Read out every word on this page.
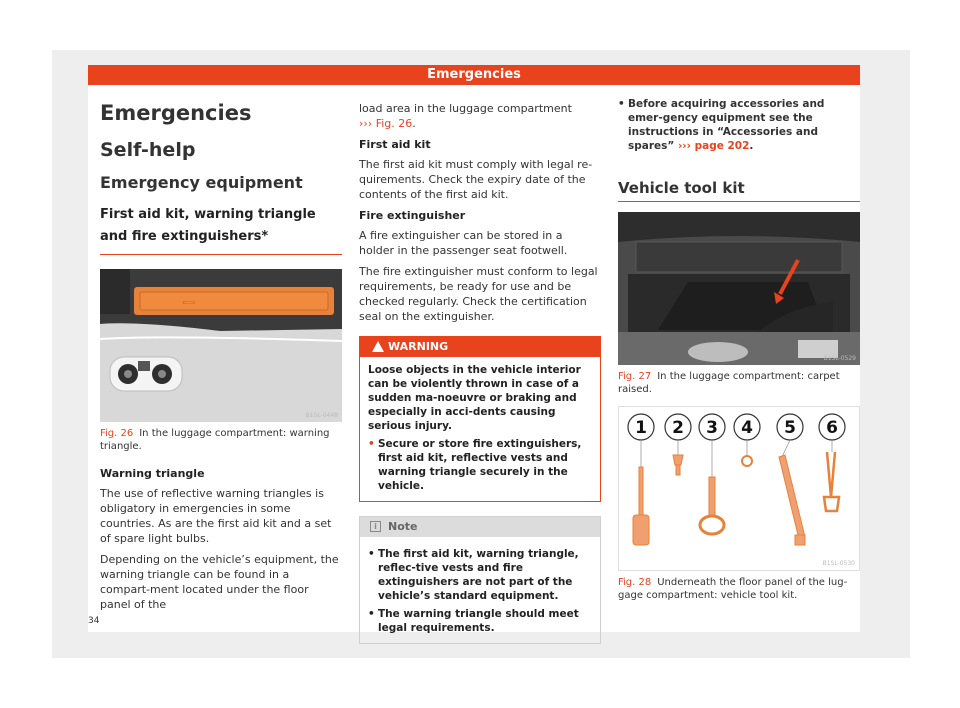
Emergencies
Emergencies
Self-help
Emergency equipment
First aid kit, warning triangle and fire extinguishers*
⇐⇒
B1SL-0448
Fig. 26 In the luggage compartment: warning triangle.
Warning triangle
The use of reflective warning triangles is obligatory in emergencies in some countries. As are the first aid kit and a set of spare light bulbs.
Depending on the vehicle’s equipment, the warning triangle can be found in a compart-ment located under the floor panel of the
load area in the luggage compartment
››› Fig. 26.
First aid kit
The first aid kit must comply with legal re-quirements. Check the expiry date of the contents of the first aid kit.
Fire extinguisher
A fire extinguisher can be stored in a holder in the passenger seat footwell.
The fire extinguisher must conform to legal requirements, be ready for use and be checked regularly. Check the certification seal on the extinguisher.
WARNING
Loose objects in the vehicle interior can be violently thrown in case of a sudden ma-noeuvre or braking and especially in acci-dents causing serious injury.
• Secure or store fire extinguishers, first aid kit, reflective vests and warning triangle securely in the vehicle.
i	Note
• The first aid kit, warning triangle, reflec-tive vests and fire extinguishers are not part of the vehicle’s standard equipment.
• The warning triangle should meet legal requirements.
• Before acquiring accessories and emer-gency equipment see the instructions in “Accessories and spares” ››› page 202.
Vehicle tool kit
B1SL-0529
Fig. 27 In the luggage compartment: carpet raised.
1 2 3 4 5 6
B1SL-0530
Fig. 28 Underneath the floor panel of the lug-gage compartment: vehicle tool kit.
34
